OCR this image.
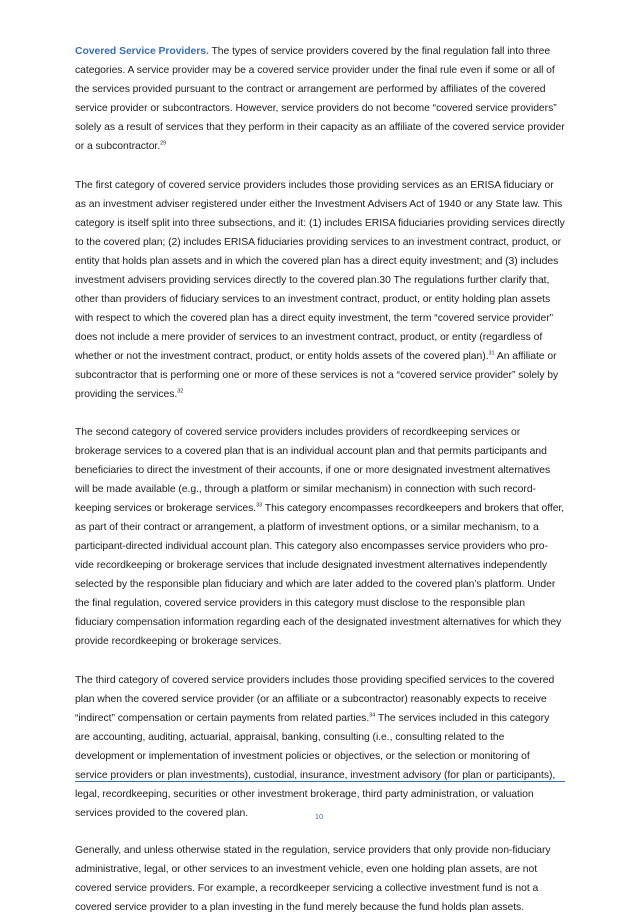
Covered Service Providers. The types of service providers covered by the final regulation fall into three categories. A service provider may be a covered service provider under the final rule even if some or all of the services provided pursuant to the contract or arrangement are performed by affiliates of the covered service provider or subcontractors. However, service providers do not become “covered service providers” solely as a result of services that they perform in their capacity as an affiliate of the covered service provider or a subcontractor.$^{29}$

The first category of covered service providers includes those providing services as an ERISA fiduciary or as an investment adviser registered under either the Investment Advisers Act of 1940 or any State law. This category is itself split into three subsections, and it: (1) includes ERISA fiduciaries providing services directly to the covered plan; (2) includes ERISA fiduciaries providing services to an investment contract, product, or entity that holds plan assets and in which the covered plan has a direct equity investment; and (3) includes investment advisers providing services directly to the covered plan.30 The regulations further clarify that, other than providers of fiduciary services to an investment contract, product, or entity holding plan assets with respect to which the covered plan has a direct equity investment, the term “covered service provider” does not include a mere provider of services to an investment contract, product, or entity (regardless of whether or not the investment contract, product, or entity holds assets of the covered plan).$^{31}$ An affiliate or subcontractor that is performing one or more of these services is not a “covered service provider” solely by providing the services.$^{32}$

The second category of covered service providers includes providers of recordkeeping services or brokerage services to a covered plan that is an individual account plan and that permits participants and beneficiaries to direct the investment of their accounts, if one or more designated investment alternatives will be made available (e.g., through a platform or similar mechanism) in connection with such record-keeping services or brokerage services.$^{33}$ This category encompasses recordkeepers and brokers that offer, as part of their contract or arrangement, a platform of investment options, or a similar mechanism, to a participant-directed individual account plan. This category also encompasses service providers who pro-vide recordkeeping or brokerage services that include designated investment alternatives independently selected by the responsible plan fiduciary and which are later added to the covered plan’s platform. Under the final regulation, covered service providers in this category must disclose to the responsible plan fiduciary compensation information regarding each of the designated investment alternatives for which they provide recordkeeping or brokerage services.

The third category of covered service providers includes those providing specified services to the covered plan when the covered service provider (or an affiliate or a subcontractor) reasonably expects to receive “indirect” compensation or certain payments from related parties.$^{34}$ The services included in this category are accounting, auditing, actuarial, appraisal, banking, consulting (i.e., consulting related to the development or implementation of investment policies or objectives, or the selection or monitoring of service providers or plan investments), custodial, insurance, investment advisory (for plan or participants), legal, recordkeeping, securities or other investment brokerage, third party administration, or valuation services provided to the covered plan.

Generally, and unless otherwise stated in the regulation, service providers that only provide non-fiduciary administrative, legal, or other services to an investment vehicle, even one holding plan assets, are not covered service providers. For example, a recordkeeper servicing a collective investment fund is not a covered service provider to a plan investing in the fund merely because the fund holds plan assets.

10
